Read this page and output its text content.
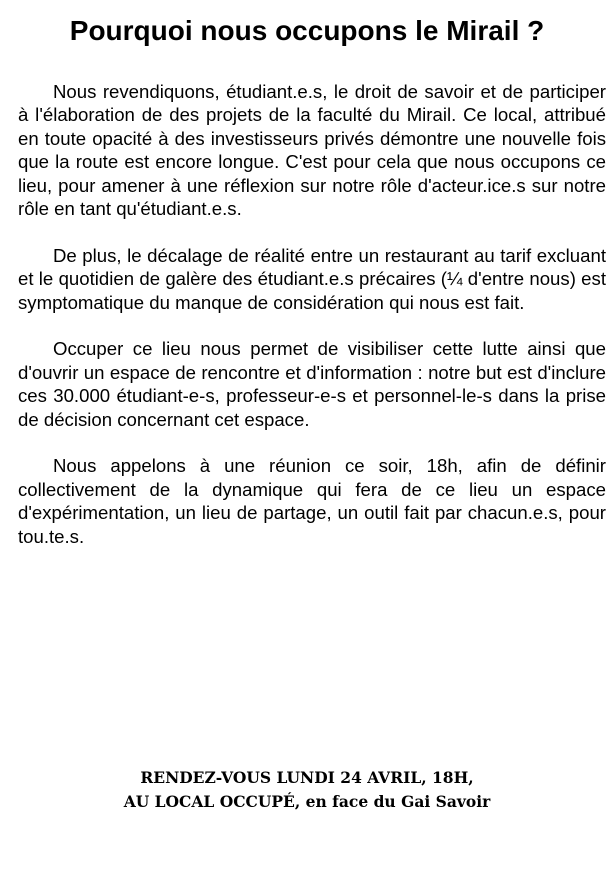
Pourquoi nous occupons le Mirail ?

Nous revendiquons, étudiant.e.s, le droit de savoir et de participer à l'élaboration de des projets de la faculté du Mirail. Ce local, attribué en toute opacité à des investisseurs privés démontre une nouvelle fois que la route est encore longue. C'est pour cela que nous occupons ce lieu, pour amener à une réflexion sur notre rôle d'acteur.ice.s sur notre rôle en tant qu'étudiant.e.s.

De plus, le décalage de réalité entre un restaurant au tarif excluant et le quotidien de galère des étudiant.e.s précaires (¼ d'entre nous) est symptomatique du manque de considération qui nous est fait.

Occuper ce lieu nous permet de visibiliser cette lutte ainsi que d'ouvrir un espace de rencontre et d'information : notre but est d'inclure ces 30.000 étudiant-e-s, professeur-e-s et personnel-le-s dans la prise de décision concernant cet espace.

Nous appelons à une réunion ce soir, 18h, afin de définir collectivement de la dynamique qui fera de ce lieu un espace d'expérimentation, un lieu de partage, un outil fait par chacun.e.s, pour tou.te.s.

RENDEZ-VOUS LUNDI 24 AVRIL, 18H,
AU LOCAL OCCUPÉ, en face du Gai Savoir
